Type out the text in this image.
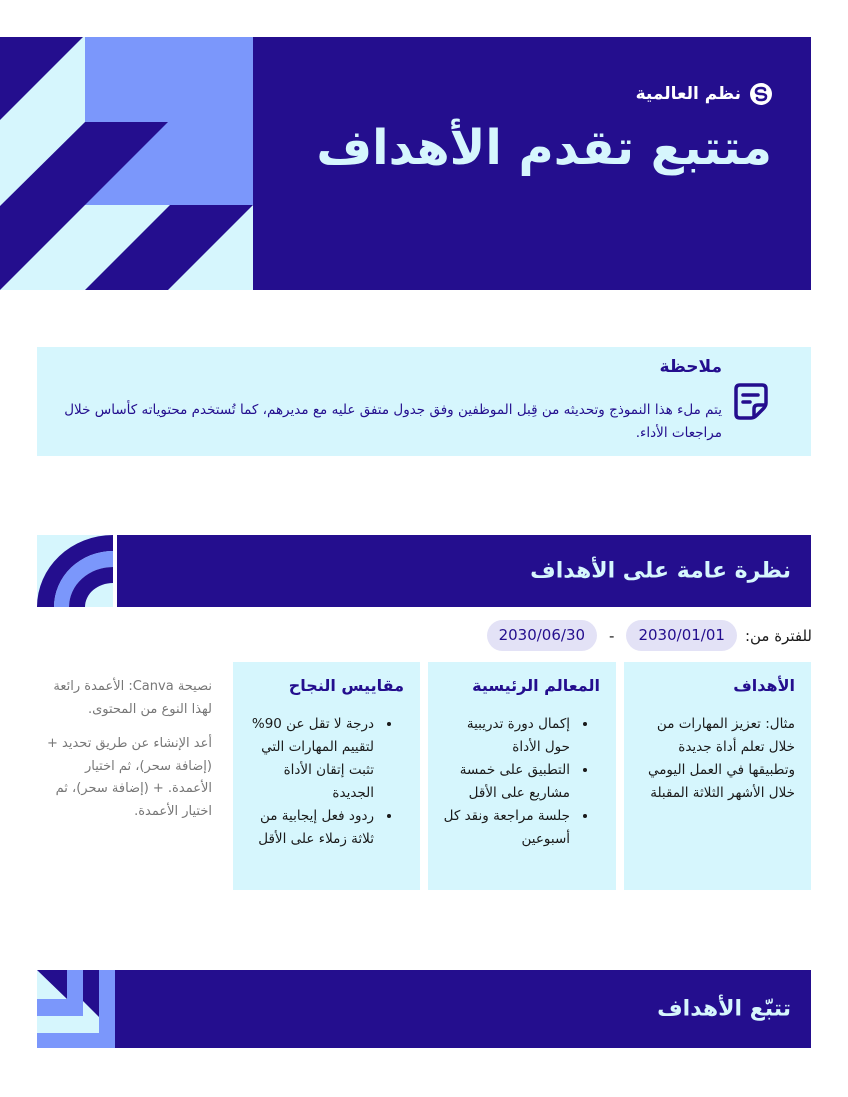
نظم العالمية
متتبع تقدم الأهداف
ملاحظة
يتم ملء هذا النموذج وتحديثه من قِبل الموظفين وفق جدول متفق عليه مع مديرهم، كما تُستخدم محتوياته كأساس خلال مراجعات الأداء.
نظرة عامة على الأهداف
للفترة من:
2030/01/01
-
2030/06/30
الأهداف
مثال: تعزيز المهارات من خلال تعلم أداة جديدة وتطبيقها في العمل اليومي خلال الأشهر الثلاثة المقبلة
المعالم الرئيسية
• إكمال دورة تدريبية حول الأداة
• التطبيق على خمسة مشاريع على الأقل
• جلسة مراجعة ونقد كل أسبوعين
مقاييس النجاح
• درجة لا تقل عن 90% لتقييم المهارات التي تثبت إتقان الأداة الجديدة
• ردود فعل إيجابية من ثلاثة زملاء على الأقل

نصيحة Canva: الأعمدة رائعة لهذا النوع من المحتوى.

أعد الإنشاء عن طريق تحديد + (إضافة سحر)، ثم اختيار الأعمدة. + (إضافة سحر)، ثم اختيار الأعمدة.

تتبّع الأهداف
